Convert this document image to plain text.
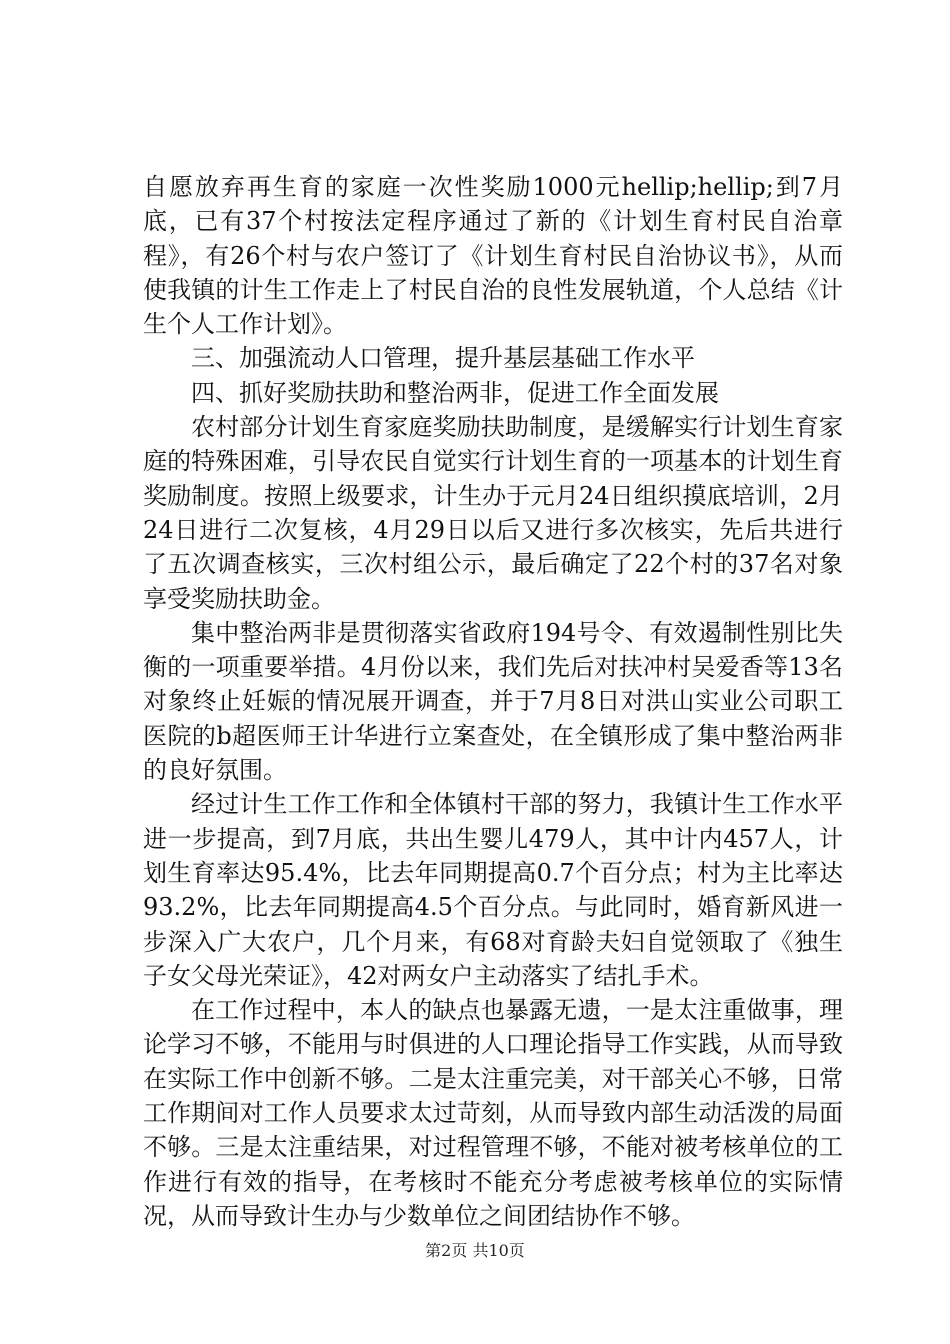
自愿放弃再生育的家庭一次性奖励1000元hellip;hellip;到7月底，已有37个村按法定程序通过了新的《计划生育村民自治章程》，有26个村与农户签订了《计划生育村民自治协议书》，从而使我镇的计生工作走上了村民自治的良性发展轨道，个人总结《计生个人工作计划》。

三、加强流动人口管理，提升基层基础工作水平

四、抓好奖励扶助和整治两非，促进工作全面发展

农村部分计划生育家庭奖励扶助制度，是缓解实行计划生育家庭的特殊困难，引导农民自觉实行计划生育的一项基本的计划生育奖励制度。按照上级要求，计生办于元月24日组织摸底培训，2月24日进行二次复核，4月29日以后又进行多次核实，先后共进行了五次调查核实，三次村组公示，最后确定了22个村的37名对象享受奖励扶助金。

集中整治两非是贯彻落实省政府194号令、有效遏制性别比失衡的一项重要举措。4月份以来，我们先后对扶冲村吴爱香等13名对象终止妊娠的情况展开调查，并于7月8日对洪山实业公司职工医院的b超医师王计华进行立案查处，在全镇形成了集中整治两非的良好氛围。

经过计生工作工作和全体镇村干部的努力，我镇计生工作水平进一步提高，到7月底，共出生婴儿479人，其中计内457人，计划生育率达95.4%，比去年同期提高0.7个百分点；村为主比率达93.2%，比去年同期提高4.5个百分点。与此同时，婚育新风进一步深入广大农户，几个月来，有68对育龄夫妇自觉领取了《独生子女父母光荣证》，42对两女户主动落实了结扎手术。

在工作过程中，本人的缺点也暴露无遗，一是太注重做事，理论学习不够，不能用与时俱进的人口理论指导工作实践，从而导致在实际工作中创新不够。二是太注重完美，对干部关心不够，日常工作期间对工作人员要求太过苛刻，从而导致内部生动活泼的局面不够。三是太注重结果，对过程管理不够，不能对被考核单位的工作进行有效的指导，在考核时不能充分考虑被考核单位的实际情况，从而导致计生办与少数单位之间团结协作不够。

第2页 共10页
